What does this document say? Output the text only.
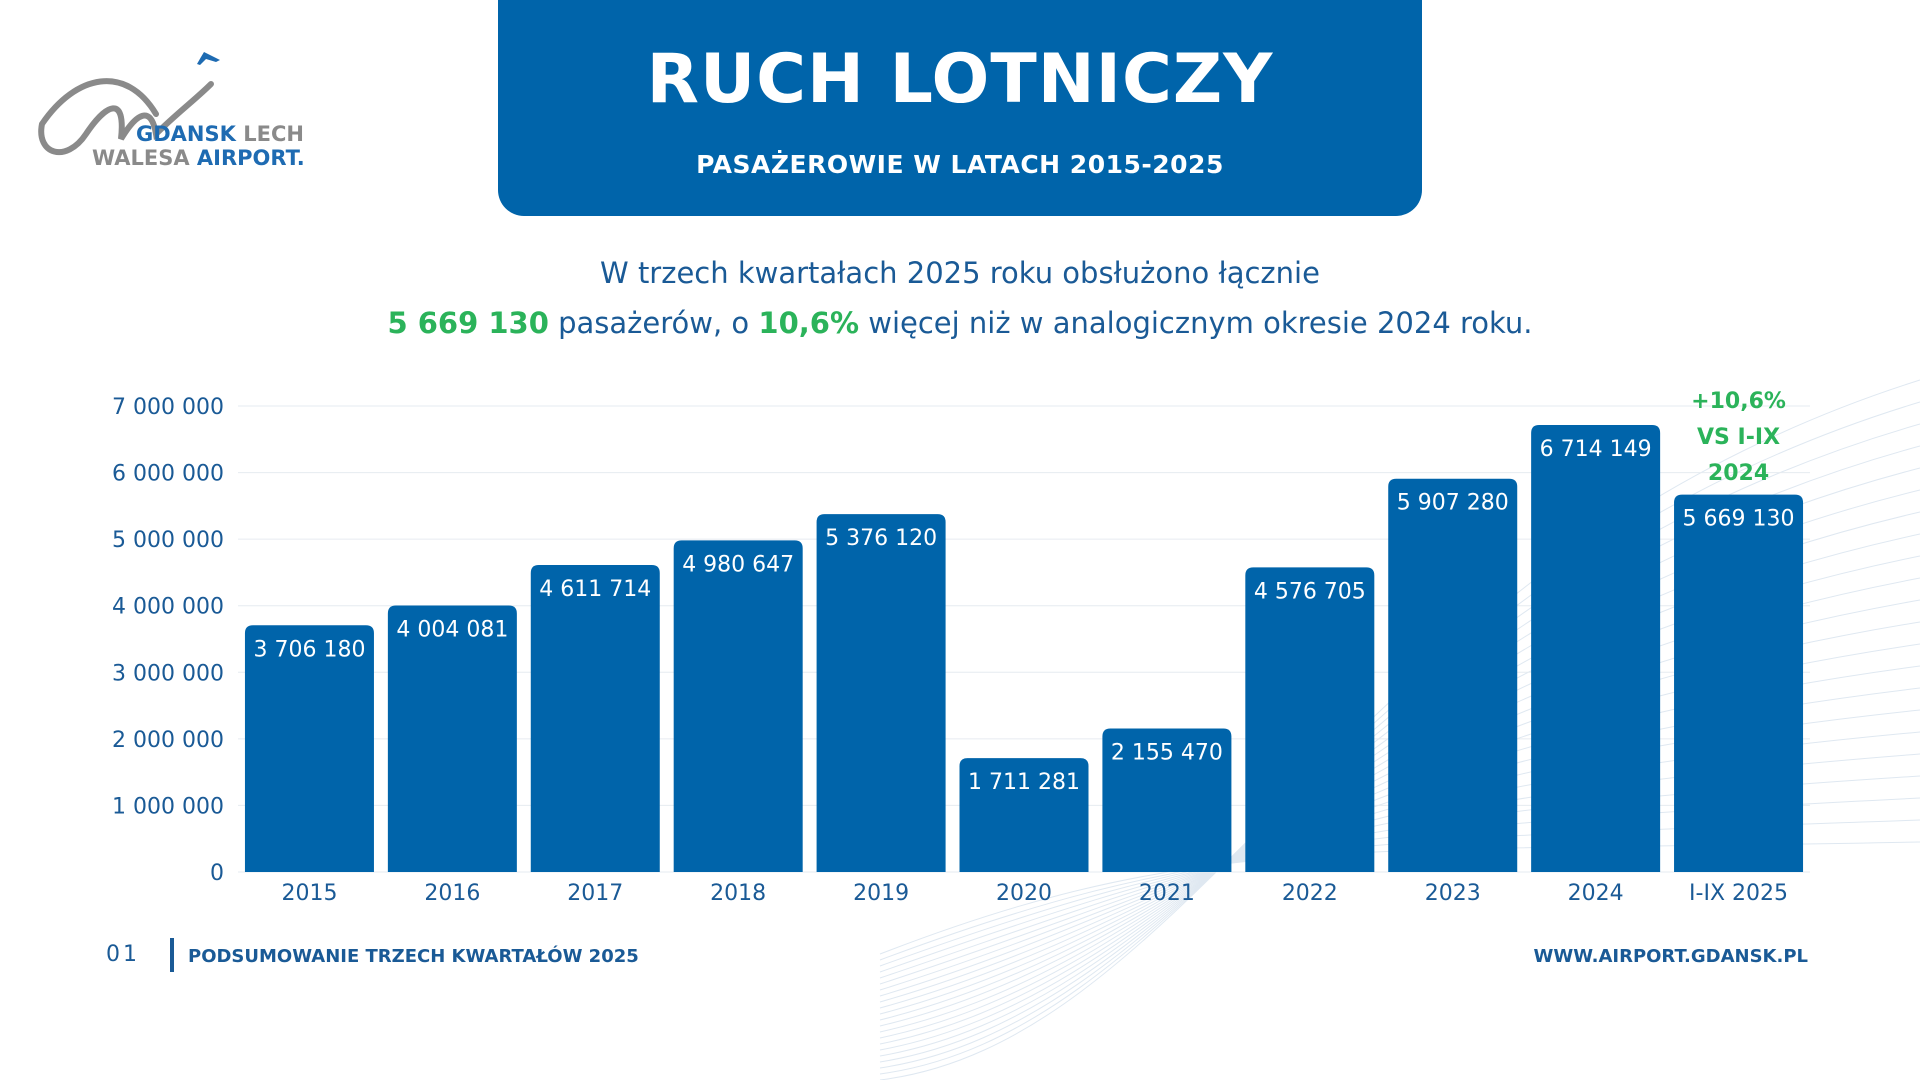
GDANSK LECH
WALESA AIRPORT.
RUCH LOTNICZY
PASAŻEROWIE W LATACH 2015-2025
W trzech kwartałach 2025 roku obsłużono łącznie
5 669 130 pasażerów, o 10,6% więcej niż w analogicznym okresie 2024 roku.
0
1 000 000
2 000 000
3 000 000
4 000 000
5 000 000
6 000 000
7 000 000
3 706 180
2015
4 004 081
2016
4 611 714
2017
4 980 647
2018
5 376 120
2019
1 711 281
2020
2 155 470
2021
4 576 705
2022
5 907 280
2023
6 714 149
2024
5 669 130
I-IX 2025
+10,6%
VS I-IX
2024
01	PODSUMOWANIE TRZECH KWARTAŁÓW 2025	WWW.AIRPORT.GDANSK.PL
